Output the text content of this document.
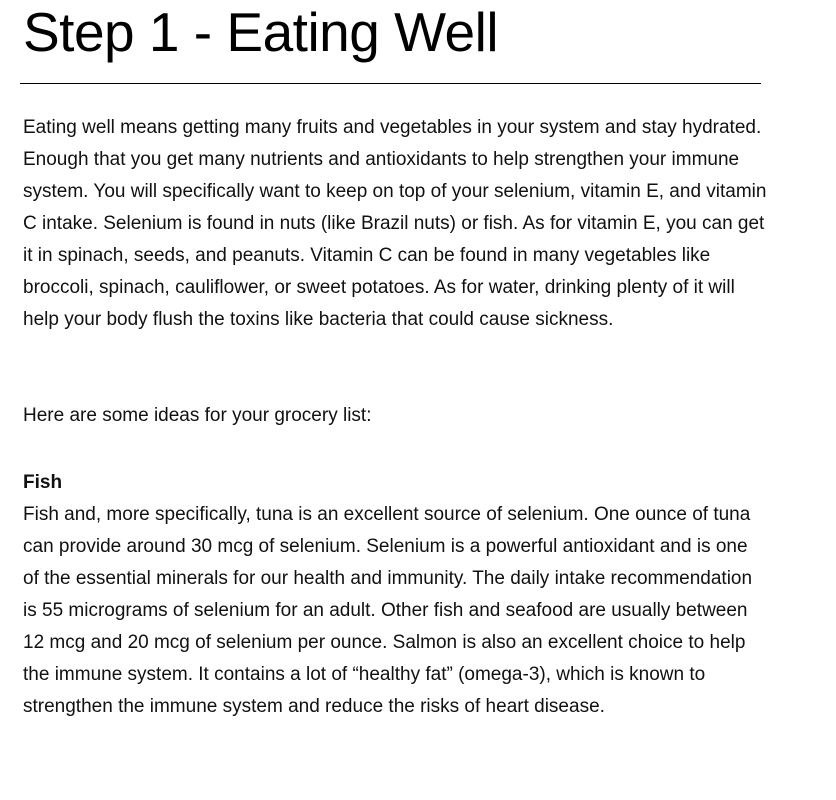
Step 1 - Eating Well

Eating well means getting many fruits and vegetables in your system and stay hydrated. Enough that you get many nutrients and antioxidants to help strengthen your immune system. You will specifically want to keep on top of your selenium, vitamin E, and vitamin C intake. Selenium is found in nuts (like Brazil nuts) or fish. As for vitamin E, you can get it in spinach, seeds, and peanuts. Vitamin C can be found in many vegetables like broccoli, spinach, cauliflower, or sweet potatoes. As for water, drinking plenty of it will help your body flush the toxins like bacteria that could cause sickness.

Here are some ideas for your grocery list:

Fish

Fish and, more specifically, tuna is an excellent source of selenium. One ounce of tuna can provide around 30 mcg of selenium. Selenium is a powerful antioxidant and is one of the essential minerals for our health and immunity. The daily intake recommendation is 55 micrograms of selenium for an adult. Other fish and seafood are usually between 12 mcg and 20 mcg of selenium per ounce. Salmon is also an excellent choice to help the immune system. It contains a lot of “healthy fat” (omega-3), which is known to strengthen the immune system and reduce the risks of heart disease.
